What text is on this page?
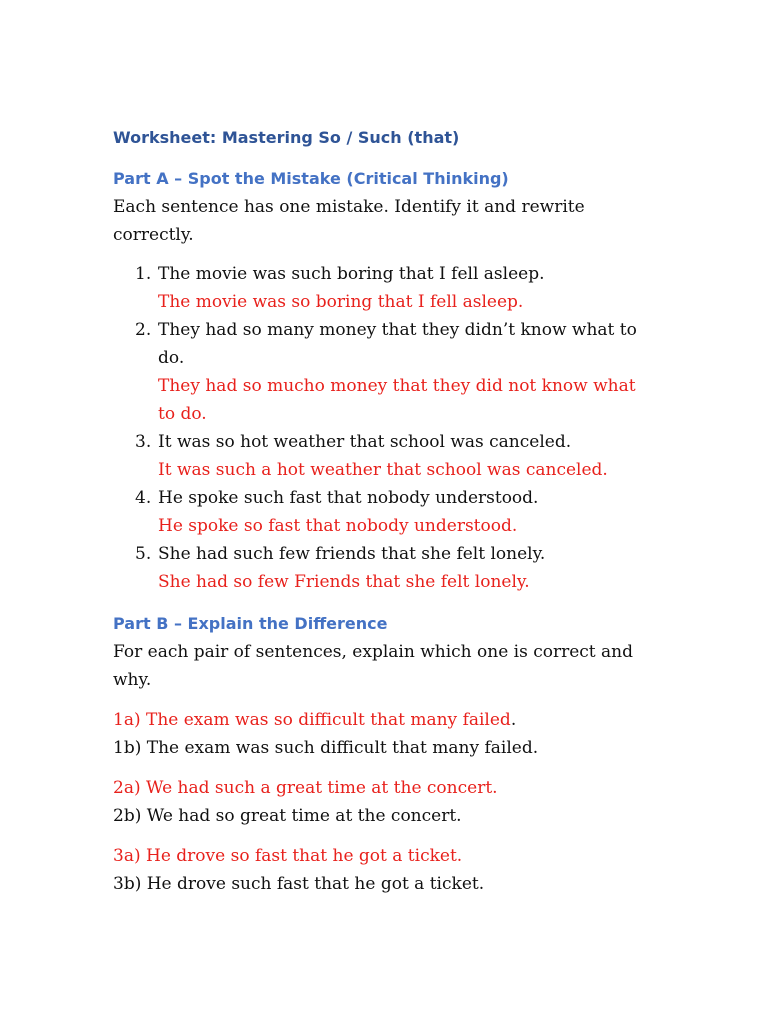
Worksheet: Mastering So / Such (that)
Part A – Spot the Mistake (Critical Thinking)

Each sentence has one mistake. Identify it and rewrite
correctly.

1. The movie was such boring that I fell asleep.
The movie was so boring that I fell asleep.
2. They had so many money that they didn’t know what to do.
They had so mucho money that they did not know what to do.
3. It was so hot weather that school was canceled.
It was such a hot weather that school was canceled.
4. He spoke such fast that nobody understood.
He spoke so fast that nobody understood.
5. She had such few friends that she felt lonely.
She had so few Friends that she felt lonely.
Part B – Explain the Difference

For each pair of sentences, explain which one is correct and
why.

1a) The exam was so difficult that many failed.
1b) The exam was such difficult that many failed.
2a) We had such a great time at the concert.
2b) We had so great time at the concert.
3a) He drove so fast that he got a ticket.
3b) He drove such fast that he got a ticket.
